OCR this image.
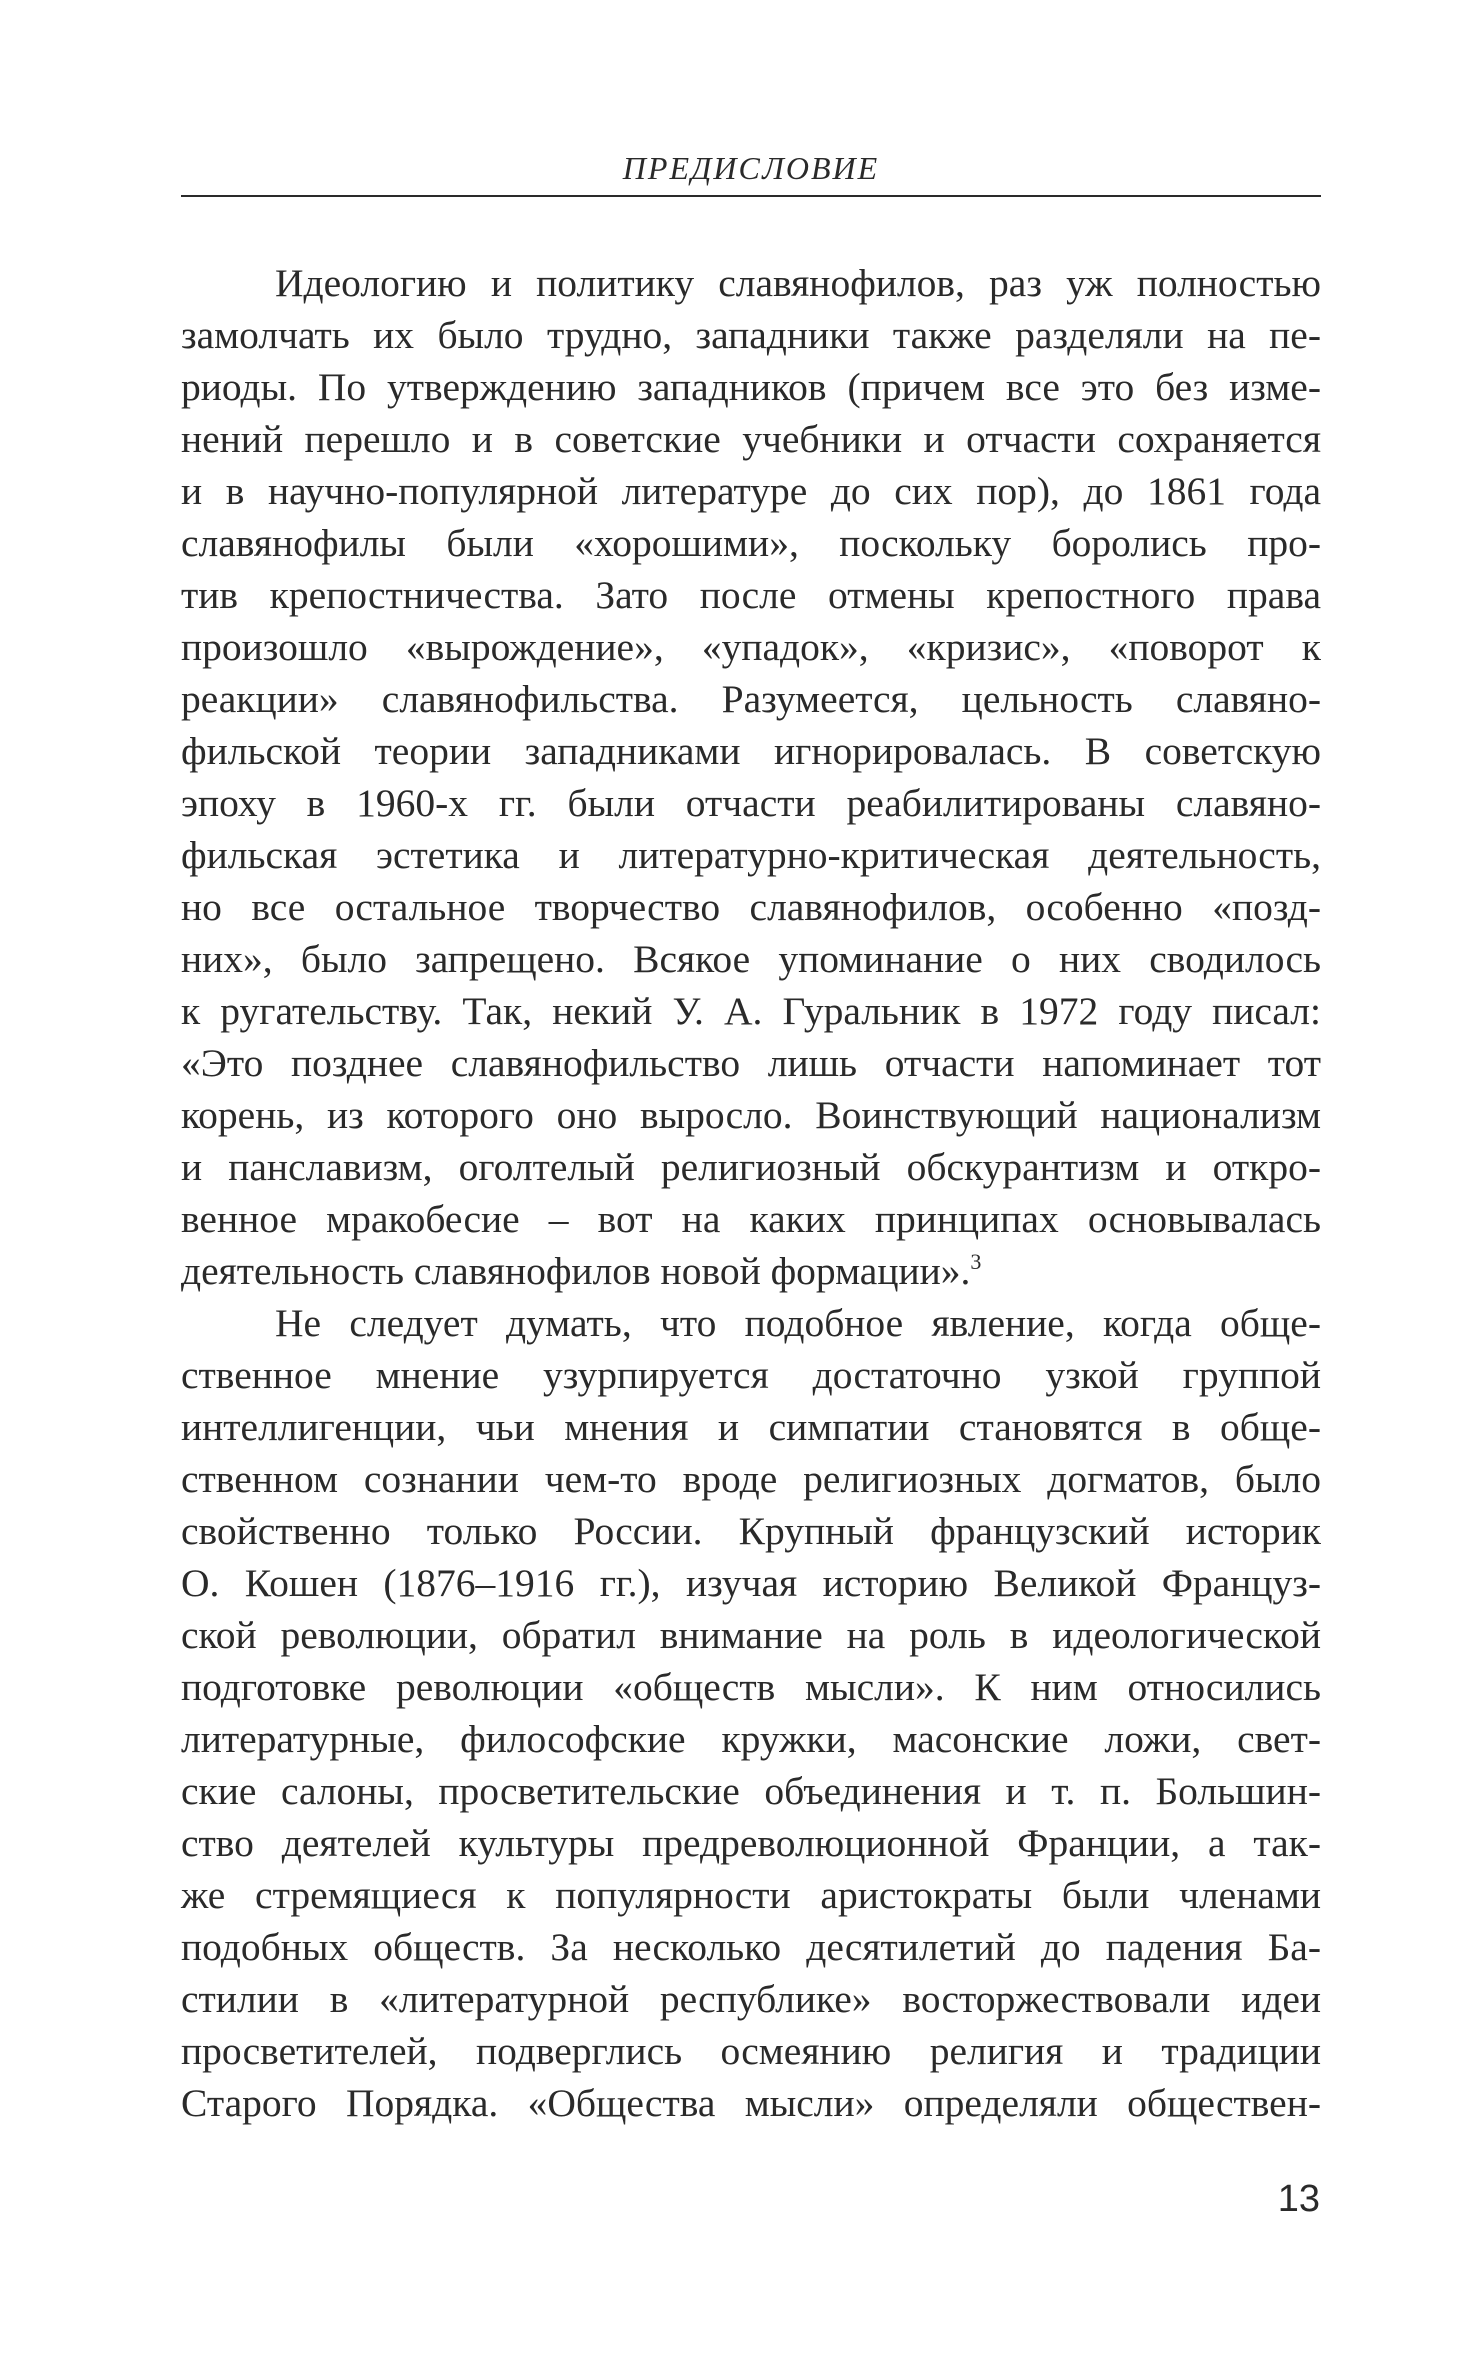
ПРЕДИСЛОВИЕ
Идеологию и политику славянофилов, раз уж полностью
замолчать их было трудно, западники также разделяли на пе-
риоды. По утверждению западников (причем все это без изме-
нений перешло и в советские учебники и отчасти сохраняется
и в научно-популярной литературе до сих пор), до 1861 года
славянофилы были «хорошими», поскольку боролись про-
тив крепостничества. Зато после отмены крепостного права
произошло «вырождение», «упадок», «кризис», «поворот к
реакции» славянофильства. Разумеется, цельность славяно-
фильской теории западниками игнорировалась. В советскую
эпоху в 1960-х гг. были отчасти реабилитированы славяно-
фильская эстетика и литературно-критическая деятельность,
но все остальное творчество славянофилов, особенно «позд-
них», было запрещено. Всякое упоминание о них сводилось
к ругательству. Так, некий У. А. Гуральник в 1972 году писал:
«Это позднее славянофильство лишь отчасти напоминает тот
корень, из которого оно выросло. Воинствующий национализм
и панславизм, оголтелый религиозный обскурантизм и откро-
венное мракобесие – вот на каких принципах основывалась
деятельность славянофилов новой формации».$^3$
Не следует думать, что подобное явление, когда обще-
ственное мнение узурпируется достаточно узкой группой
интеллигенции, чьи мнения и симпатии становятся в обще-
ственном сознании чем-то вроде религиозных догматов, было
свойственно только России. Крупный французский историк
О. Кошен (1876–1916 гг.), изучая историю Великой Француз-
ской революции, обратил внимание на роль в идеологической
подготовке революции «обществ мысли». К ним относились
литературные, философские кружки, масонские ложи, свет-
ские салоны, просветительские объединения и т. п. Большин-
ство деятелей культуры предреволюционной Франции, а так-
же стремящиеся к популярности аристократы были членами
подобных обществ. За несколько десятилетий до падения Ба-
стилии в «литературной республике» восторжествовали идеи
просветителей, подверглись осмеянию религия и традиции
Старого Порядка. «Общества мысли» определяли обществен-
13
